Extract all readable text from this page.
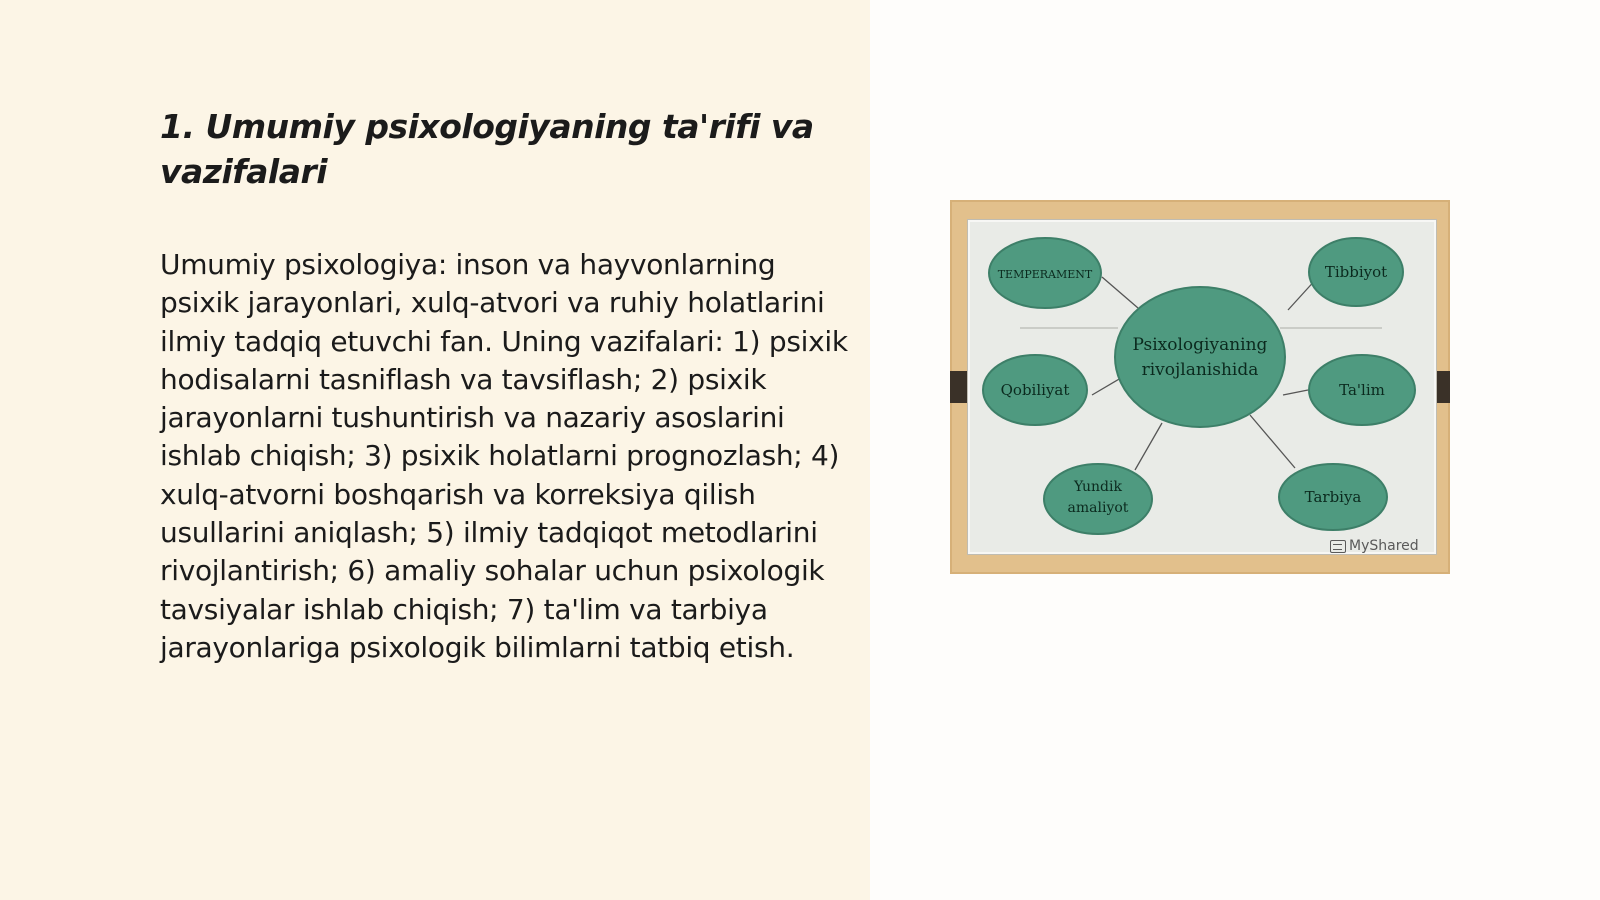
1. Umumiy psixologiyaning ta'rifi va vazifalari

Umumiy psixologiya: inson va hayvonlarning psixik jarayonlari, xulq-atvori va ruhiy holatlarini ilmiy tadqiq etuvchi fan. Uning vazifalari: 1) psixik hodisalarni tasniflash va tavsiflash; 2) psixik jarayonlarni tushuntirish va nazariy asoslarini ishlab chiqish; 3) psixik holatlarni prognozlash; 4) xulq-atvorni boshqarish va korreksiya qilish usullarini aniqlash; 5) ilmiy tadqiqot metodlarini rivojlantirish; 6) amaliy sohalar uchun psixologik tavsiyalar ishlab chiqish; 7) ta'lim va tarbiya jarayonlariga psixologik bilimlarni tatbiq etish.

Psixologiyaning
rivojlanishida
TEMPERAMENT	Tibbiyot
Qobiliyat	Ta'lim
Yundik
amaliyot
Tarbiya
MyShared
